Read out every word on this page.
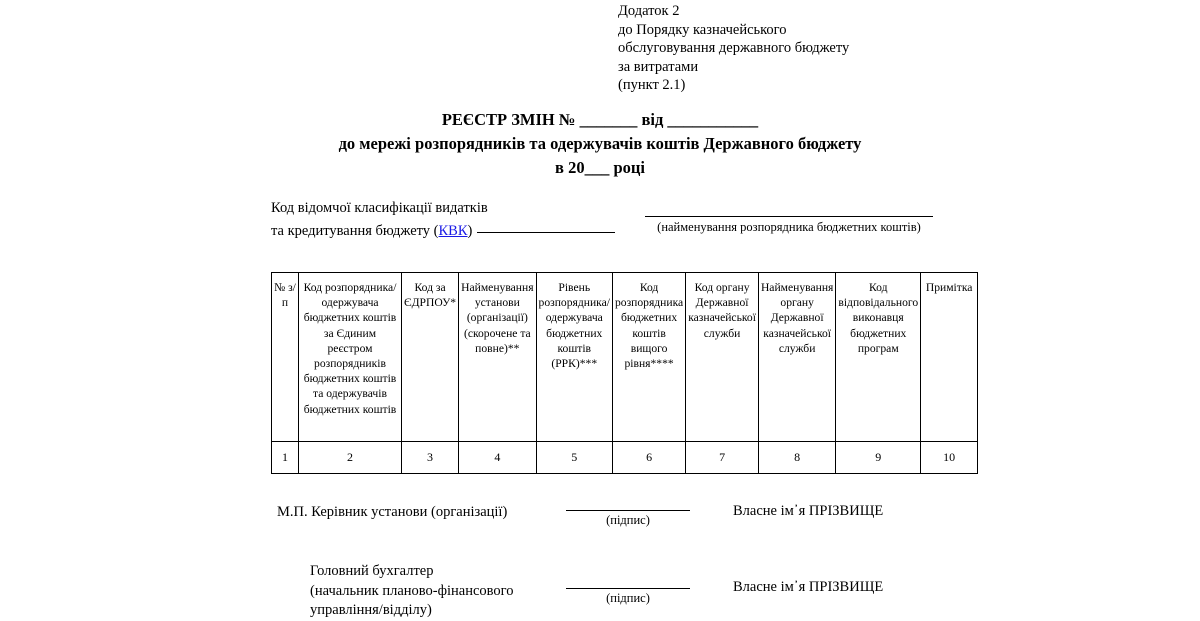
Додаток 2
до Порядку казначейського
обслуговування державного бюджету
за витратами
(пункт 2.1)
РЕЄСТР ЗМІН № _______ від ___________
до мережі розпорядників та одержувачів коштів Державного бюджету
в 20___ році
Код відомчої класифікації видатків
та кредитування бюджету (КВК)	(найменування розпорядника бюджетних коштів)
№ з/п	Код розпорядника/ одержувача бюджетних коштів за Єдиним реєстром розпорядників бюджетних коштів та одержувачів бюджетних коштів	Код за ЄДРПОУ*	Найменування установи (організації) (скорочене та повне)**	Рівень розпорядника/ одержувача бюджетних коштів (РРК)***	Код розпорядника бюджетних коштів вищого рівня****	Код органу Державної казначейської служби	Найменування органу Державної казначейської служби	Код відповідального виконавця бюджетних програм	Примітка

1	2	3	4	5	6	7	8	9	10
М.П. Керівник установи (організації)	(підпис)
Власне ім᾽я ПРІЗВИЩЕ
Головний бухгалтер
(начальник планово-фінансового
управління/відділу)
(підпис)
Власне ім᾽я ПРІЗВИЩЕ
